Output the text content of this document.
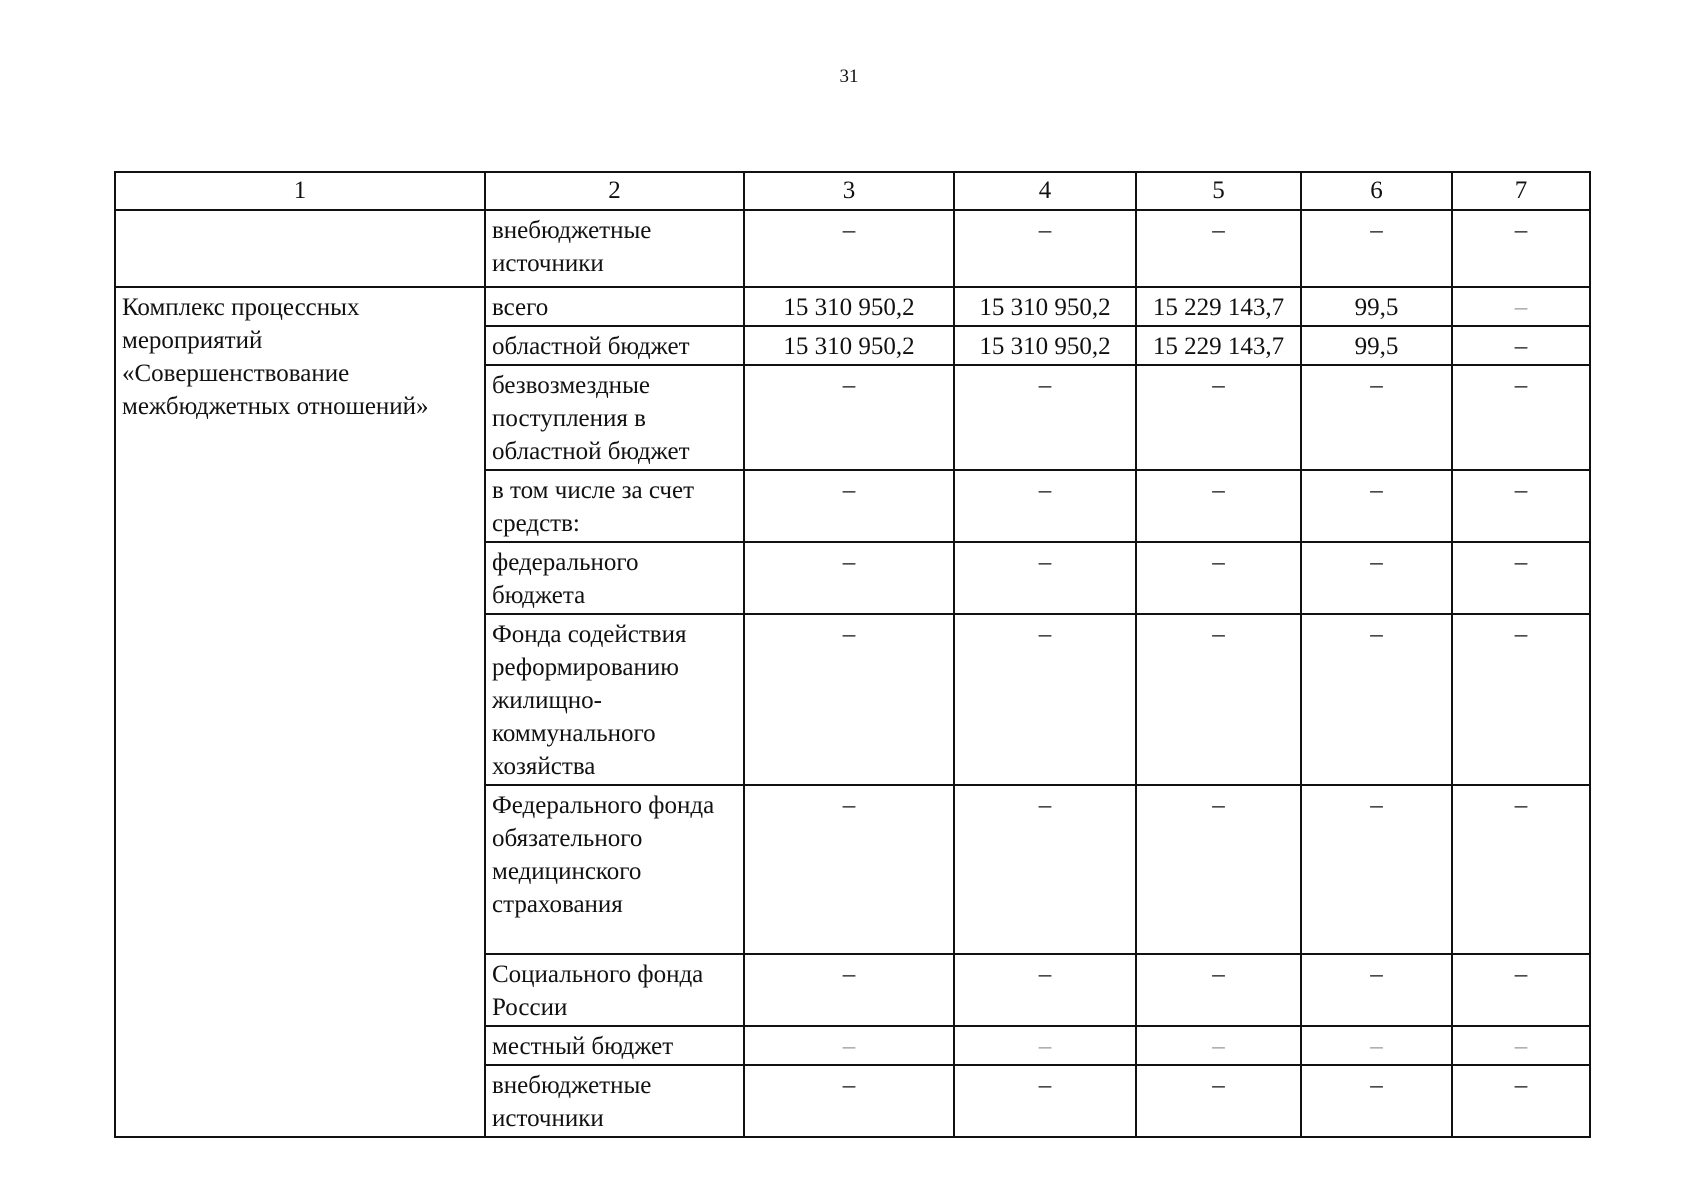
31
1	2	3	4	5	6	7
	внебюджетные источники	–	–	–	–	–
Комплекс процессных мероприятий «Совершенствование межбюджетных отношений»	всего	15 310 950,2	15 310 950,2	15 229 143,7	99,5	–
	областной бюджет	15 310 950,2	15 310 950,2	15 229 143,7	99,5	–
	безвозмездные поступления в областной бюджет	–	–	–	–	–
	в том числе за счет средств:	–	–	–	–	–
	федерального бюджета	–	–	–	–	–
	Фонда содействия реформированию жилищно-коммунального хозяйства	–	–	–	–	–
	Федерального фонда обязательного медицинского страхования	–	–	–	–	–
	Социального фонда России	–	–	–	–	–
	местный бюджет	–	–	–	–	–
	внебюджетные источники	–	–	–	–	–
